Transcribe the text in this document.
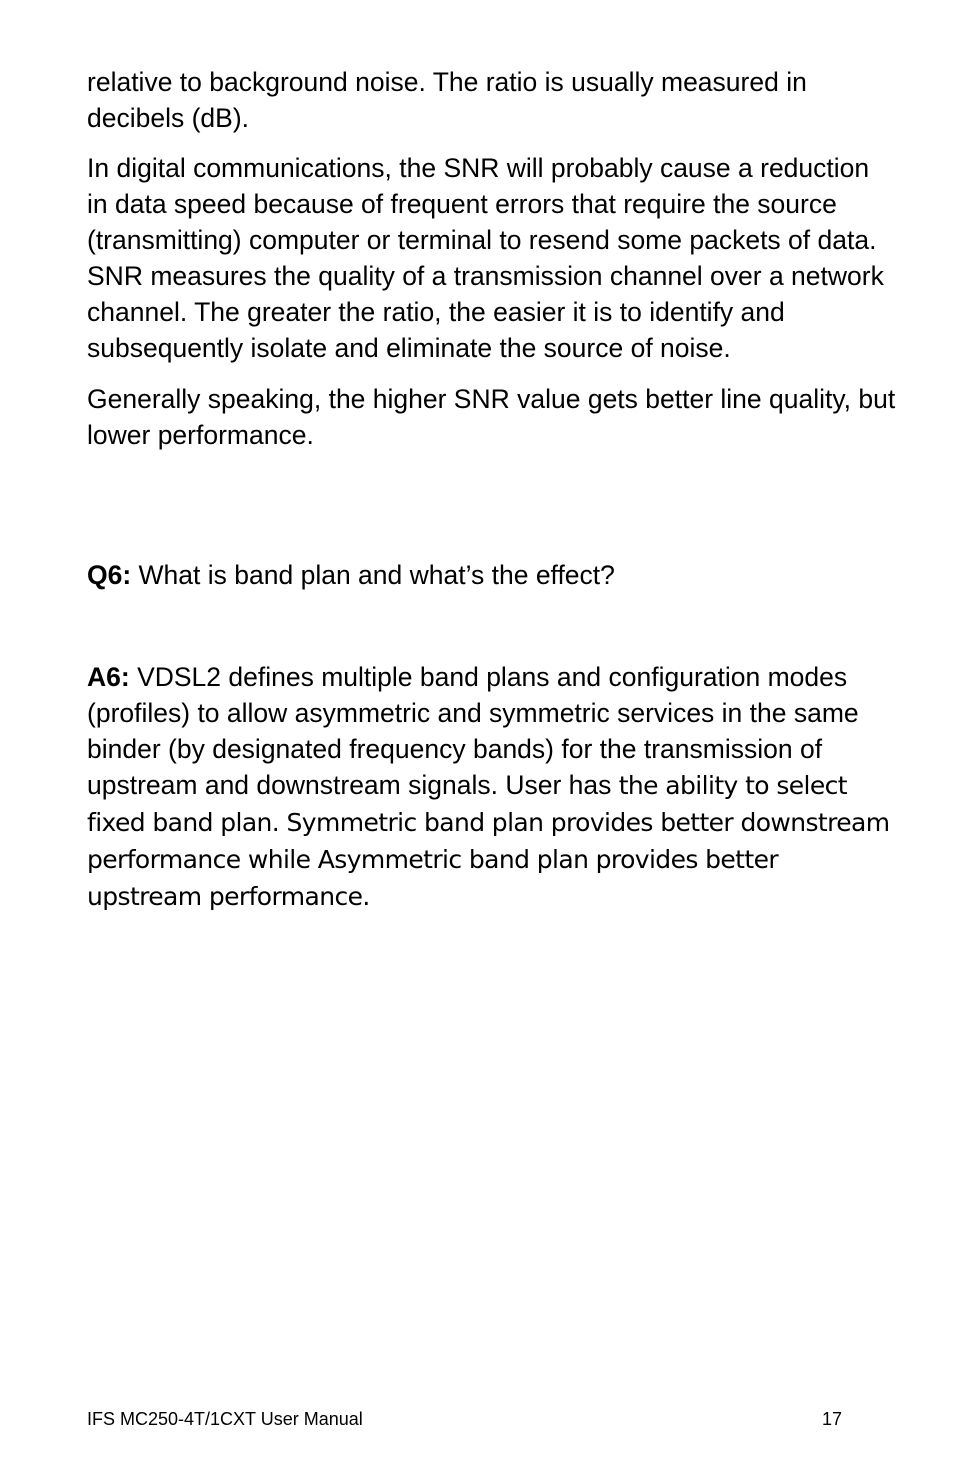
relative to background noise. The ratio is usually measured in decibels (dB).

In digital communications, the SNR will probably cause a reduction in data speed because of frequent errors that require the source (transmitting) computer or terminal to resend some packets of data. SNR measures the quality of a transmission channel over a network channel. The greater the ratio, the easier it is to identify and subsequently isolate and eliminate the source of noise.

Generally speaking, the higher SNR value gets better line quality, but lower performance.

Q6: What is band plan and what’s the effect?

A6: VDSL2 defines multiple band plans and configuration modes (profiles) to allow asymmetric and symmetric services in the same binder (by designated frequency bands) for the transmission of upstream and downstream signals. User has the ability to select fixed band plan. Symmetric band plan provides better downstream performance while Asymmetric band plan provides better upstream performance.

IFS MC250-4T/1CXT User Manual	17
